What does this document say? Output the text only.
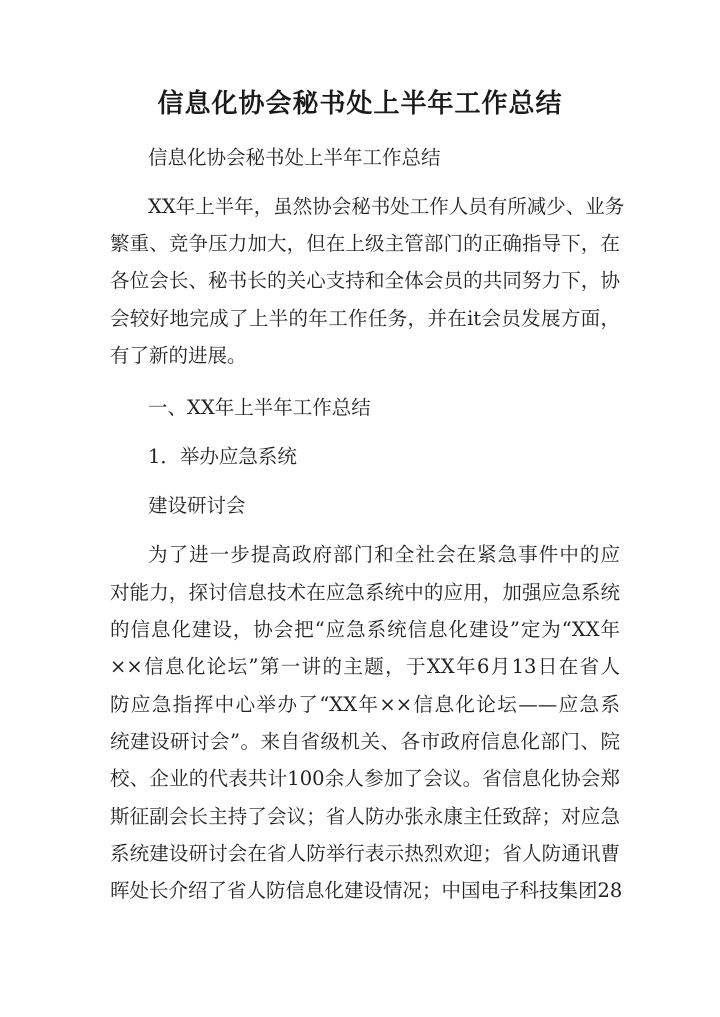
信息化协会秘书处上半年工作总结
信息化协会秘书处上半年工作总结
XX年上半年，虽然协会秘书处工作人员有所减少、业务
繁重、竞争压力加大，但在上级主管部门的正确指导下，在
各位会长、秘书长的关心支持和全体会员的共同努力下，协
会较好地完成了上半的年工作任务，并在it会员发展方面，
有了新的进展。
一、XX年上半年工作总结
1．举办应急系统
建设研讨会
为了进一步提高政府部门和全社会在紧急事件中的应
对能力，探讨信息技术在应急系统中的应用，加强应急系统
的信息化建设，协会把“应急系统信息化建设”定为“XX年
××信息化论坛”第一讲的主题，于XX年6月13日在省人
防应急指挥中心举办了“XX年××信息化论坛——应急系
统建设研讨会”。来自省级机关、各市政府信息化部门、院
校、企业的代表共计100余人参加了会议。省信息化协会郑
斯征副会长主持了会议；省人防办张永康主任致辞；对应急
系统建设研讨会在省人防举行表示热烈欢迎；省人防通讯曹
晖处长介绍了省人防信息化建设情况；中国电子科技集团28
